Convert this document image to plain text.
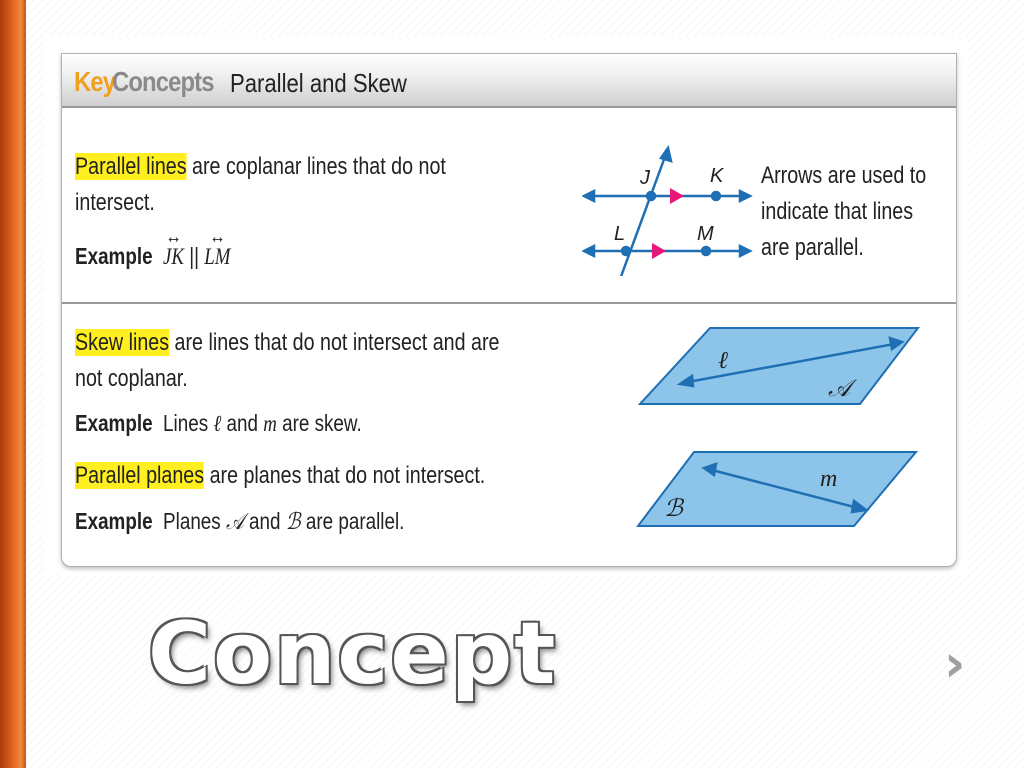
Key
Concepts Parallel and Skew
Parallel lines are coplanar lines that do not
intersect.
Example  ↔ JK || ↔ LM
J	K
L	M
Arrows are used to
indicate that lines
are parallel.
Skew lines are lines that do not intersect and are
not coplanar.
Example Lines ℓ and m are skew.
ℓ
𝒜
Parallel planes are planes that do not intersect.
Example Planes 𝒜 and ℬ are parallel.
m
ℬ
Concept	›
